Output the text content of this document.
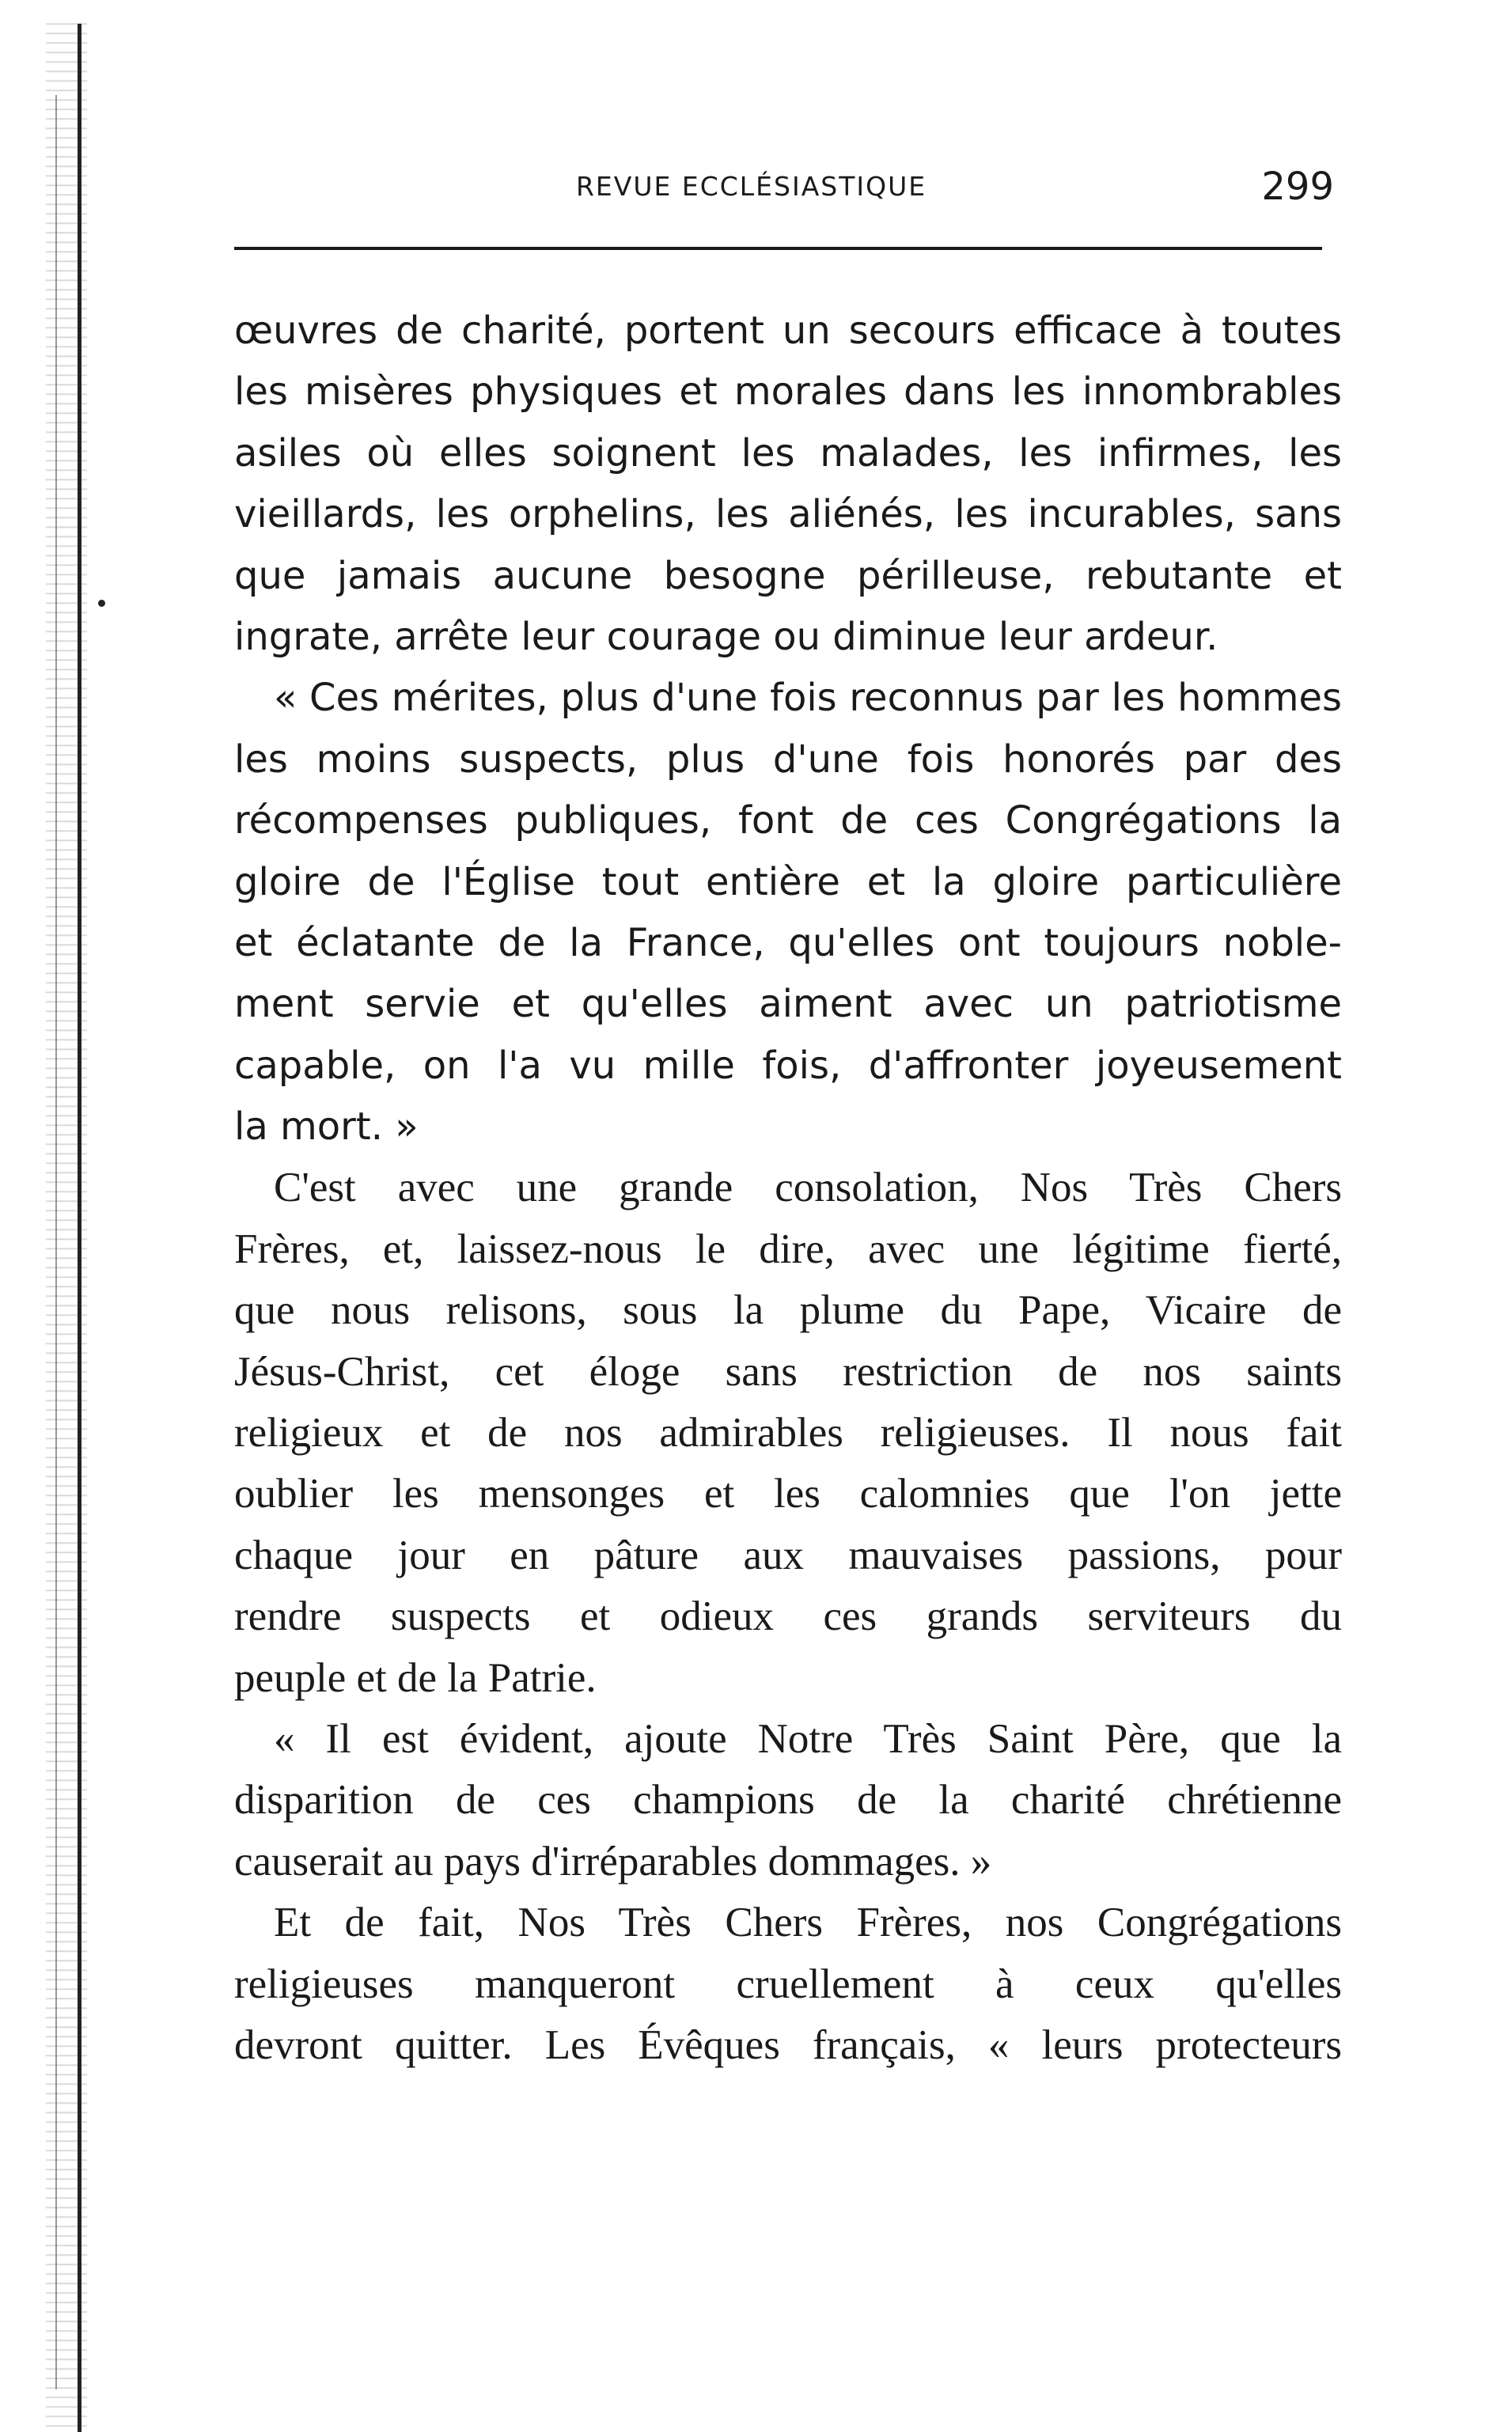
REVUE ECCLÉSIASTIQUE	299
œuvres de charité, portent un secours efficace à toutes
les misères physiques et morales dans les innombrables
asiles où elles soignent les malades, les infirmes, les
vieillards, les orphelins, les aliénés, les incurables, sans
que jamais aucune besogne périlleuse, rebutante et
ingrate, arrête leur courage ou diminue leur ardeur.
« Ces mérites, plus d'une fois reconnus par les hommes
les moins suspects, plus d'une fois honorés par des
récompenses publiques, font de ces Congrégations la
gloire de l'Église tout entière et la gloire particulière
et éclatante de la France, qu'elles ont toujours noble-
ment servie et qu'elles aiment avec un patriotisme
capable, on l'a vu mille fois, d'affronter joyeusement
la mort. »
C'est avec une grande consolation, Nos Très Chers
Frères, et, laissez-nous le dire, avec une légitime fierté,
que nous relisons, sous la plume du Pape, Vicaire de
Jésus-Christ, cet éloge sans restriction de nos saints
religieux et de nos admirables religieuses. Il nous fait
oublier les mensonges et les calomnies que l'on jette
chaque jour en pâture aux mauvaises passions, pour
rendre suspects et odieux ces grands serviteurs du
peuple et de la Patrie.
« Il est évident, ajoute Notre Très Saint Père, que la
disparition de ces champions de la charité chrétienne
causerait au pays d'irréparables dommages. »
Et de fait, Nos Très Chers Frères, nos Congrégations
religieuses manqueront cruellement à ceux qu'elles
devront quitter. Les Évêques français, « leurs protecteurs
